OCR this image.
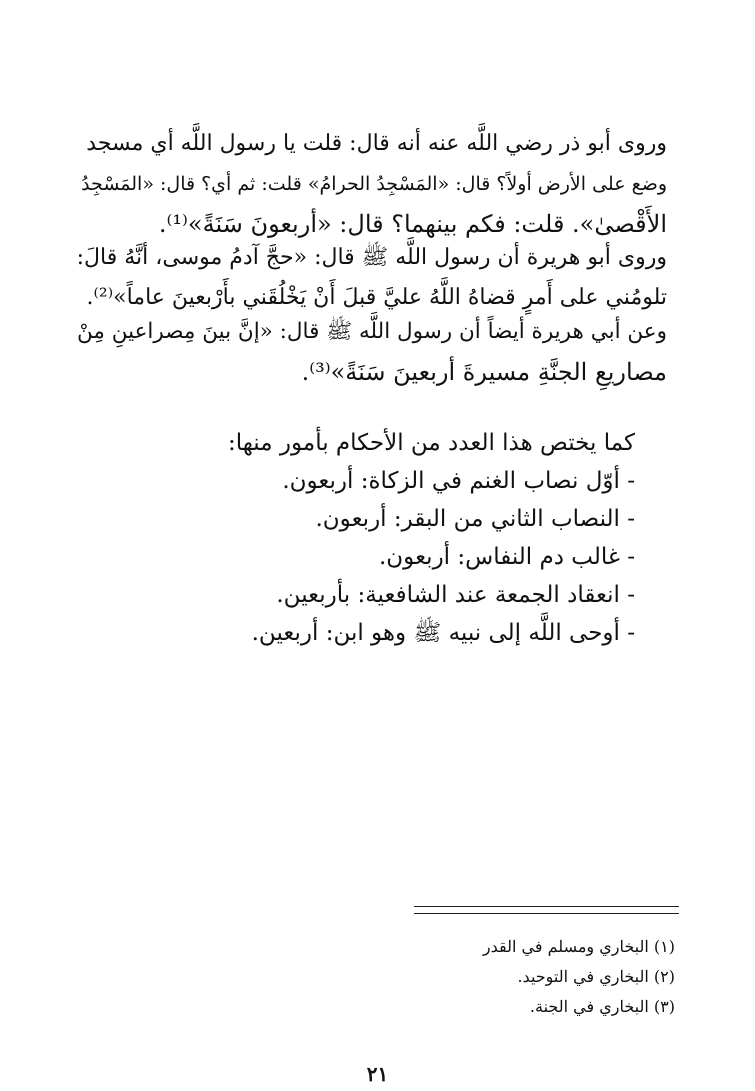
وروى أبو ذر رضي اللَّه عنه أنه قال: قلت يا رسول اللَّه أي مسجد
وضع على الأرض أولاً؟ قال: «المَسْجِدُ الحرامُ» قلت: ثم أي؟ قال: «المَسْجِدُ
الأَقْصىٰ». قلت: فكم بينهما؟ قال: «أربعونَ سَنَةً»⁽¹⁾.
وروى أبو هريرة أن رسول اللَّه ﷺ قال: «حجَّ آدمُ موسى، أنَّهُ قالَ:
تلومُني على أَمرٍ قضاهُ اللَّهُ عليَّ قبلَ أَنْ يَخْلُقَني بأَرْبعينَ عاماً»⁽²⁾.
وعن أبي هريرة أيضاً أن رسول اللَّه ﷺ قال: «إنَّ بينَ مِصراعينِ مِنْ
مصاريعِ الجنَّةِ مسيرةَ أربعينَ سَنَةً»⁽³⁾.
كما يختص هذا العدد من الأحكام بأمور منها:
- أوّل نصاب الغنم في الزكاة: أربعون.
- النصاب الثاني من البقر: أربعون.
- غالب دم النفاس: أربعون.
- انعقاد الجمعة عند الشافعية: بأربعين.
- أوحى اللَّه إلى نبيه ﷺ وهو ابن: أربعين.
(١) البخاري ومسلم في القدر
(٢) البخاري في التوحيد.
(٣) البخاري في الجنة.
٢١
